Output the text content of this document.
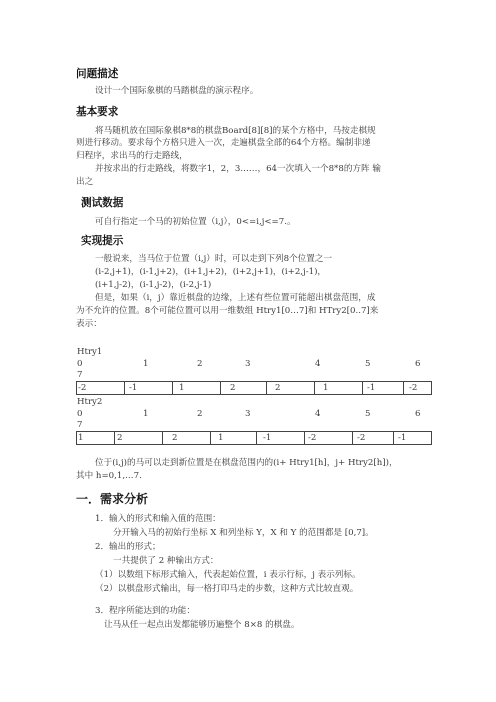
问题描述
设计一个国际象棋的马踏棋盘的演示程序。
基本要求
将马随机放在国际象棋8*8的棋盘Board[8][8]的某个方格中，马按走棋规
则进行移动。要求每个方格只进入一次，走遍棋盘全部的64个方格。编制非递
归程序，求出马的行走路线，
并按求出的行走路线，将数字1，2，3……，64一次填入一个8*8的方阵 输
出之
测试数据
可自行指定一个马的初始位置（i,j），0<=i,j<=7.。
实现提示
一般说来，当马位于位置（i,j）时，可以走到下列8个位置之一
(i-2,j+1)，(i-1,j+2)，(i+1,j+2)，(i+2,j+1)，(i+2,j-1)，
(i+1,j-2)，(i-1,j-2)，(i-2,j-1)
但是，如果（i，j）靠近棋盘的边缘，上述有些位置可能超出棋盘范围，成
为不允许的位置。8个可能位置可以用一维数组 Htry1[0…7]和 HTry2[0..7]来
表示：
Htry1
0	1	2	3	4	5	6
7
-2	-1	1	2	2	1	-1	-2
Htry2
0	1	2	3	4	5	6
7
1	2	2	1	-1	-2	-2	-1
位于(i,j)的马可以走到新位置是在棋盘范围内的(i+ Htry1[h]，j+ Htry2[h])，
其中 h=0,1,…7.
一．需求分析
1．输入的形式和输入值的范围：
分开输入马的初始行坐标 X 和列坐标 Y，X 和 Y 的范围都是 [0,7]。
2．输出的形式；
一共提供了 2 种输出方式：
（1）以数组下标形式输入，代表起始位置，i 表示行标，j 表示列标。
（2）以棋盘形式输出，每一格打印马走的步数，这种方式比较直观。
3．程序所能达到的功能：
让马从任一起点出发都能够历遍整个 8×8 的棋盘。
